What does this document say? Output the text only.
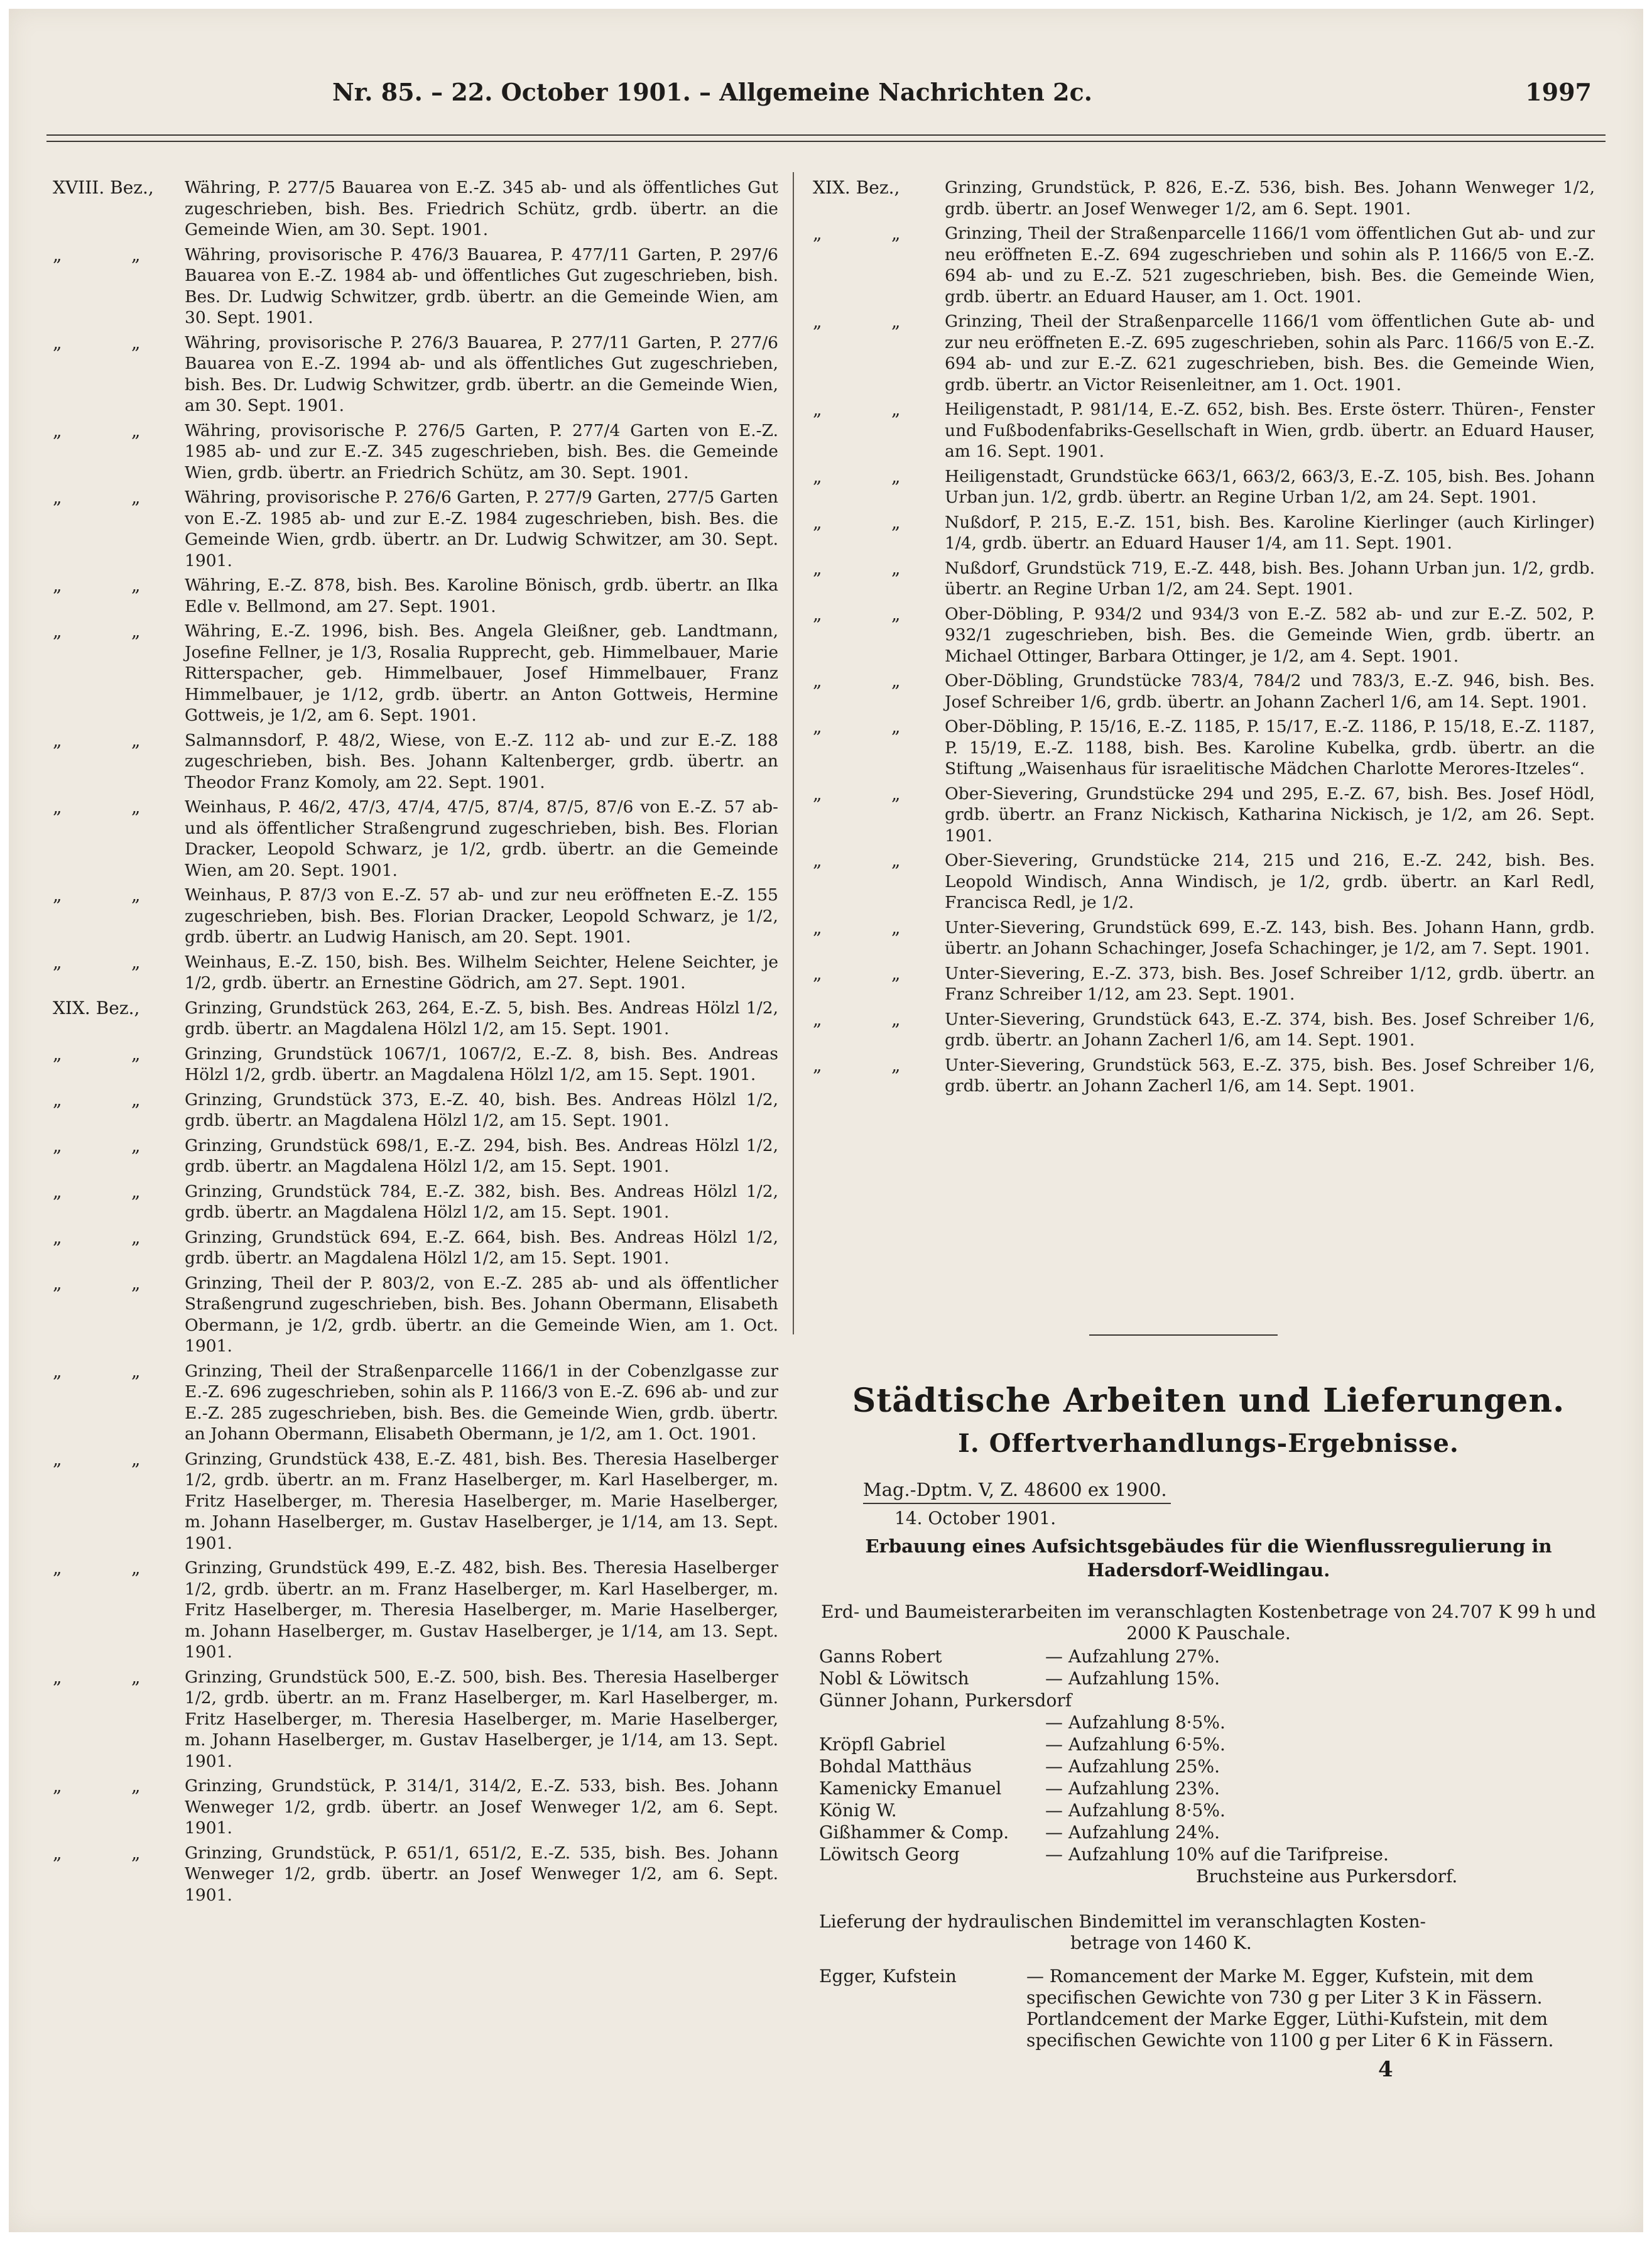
Nr. 85. – 22. October 1901. – Allgemeine Nachrichten 2c.	1997
XVIII. Bez.,	Währing, P. 277/5 Bauarea von E.-Z. 345 ab- und als öffentliches Gut zugeschrieben, bish. Bes. Friedrich Schütz, grdb. übertr. an die Gemeinde Wien, am 30. Sept. 1901.
„	„	Währing, provisorische P. 476/3 Bauarea, P. 477/11 Garten, P. 297/6 Bauarea von E.-Z. 1984 ab- und öffentliches Gut zugeschrieben, bish. Bes. Dr. Ludwig Schwitzer, grdb. übertr. an die Gemeinde Wien, am 30. Sept. 1901.
„	„	Währing, provisorische P. 276/3 Bauarea, P. 277/11 Garten, P. 277/6 Bauarea von E.-Z. 1994 ab- und als öffentliches Gut zugeschrieben, bish. Bes. Dr. Ludwig Schwitzer, grdb. übertr. an die Gemeinde Wien, am 30. Sept. 1901.
„	„	Währing, provisorische P. 276/5 Garten, P. 277/4 Garten von E.-Z. 1985 ab- und zur E.-Z. 345 zugeschrieben, bish. Bes. die Gemeinde Wien, grdb. übertr. an Friedrich Schütz, am 30. Sept. 1901.
„	„	Währing, provisorische P. 276/6 Garten, P. 277/9 Garten, 277/5 Garten von E.-Z. 1985 ab- und zur E.-Z. 1984 zugeschrieben, bish. Bes. die Gemeinde Wien, grdb. übertr. an Dr. Ludwig Schwitzer, am 30. Sept. 1901.
„	„	Währing, E.-Z. 878, bish. Bes. Karoline Bönisch, grdb. übertr. an Ilka Edle v. Bellmond, am 27. Sept. 1901.
„	„	Währing, E.-Z. 1996, bish. Bes. Angela Gleißner, geb. Landtmann, Josefine Fellner, je 1/3, Rosalia Rupprecht, geb. Himmelbauer, Marie Ritterspacher, geb. Himmelbauer, Josef Himmelbauer, Franz Himmelbauer, je 1/12, grdb. übertr. an Anton Gottweis, Hermine Gottweis, je 1/2, am 6. Sept. 1901.
„	„	Salmannsdorf, P. 48/2, Wiese, von E.-Z. 112 ab- und zur E.-Z. 188 zugeschrieben, bish. Bes. Johann Kaltenberger, grdb. übertr. an Theodor Franz Komoly, am 22. Sept. 1901.
„	„	Weinhaus, P. 46/2, 47/3, 47/4, 47/5, 87/4, 87/5, 87/6 von E.-Z. 57 ab- und als öffentlicher Straßengrund zugeschrieben, bish. Bes. Florian Dracker, Leopold Schwarz, je 1/2, grdb. übertr. an die Gemeinde Wien, am 20. Sept. 1901.
„	„	Weinhaus, P. 87/3 von E.-Z. 57 ab- und zur neu eröffneten E.-Z. 155 zugeschrieben, bish. Bes. Florian Dracker, Leopold Schwarz, je 1/2, grdb. übertr. an Ludwig Hanisch, am 20. Sept. 1901.
„	„	Weinhaus, E.-Z. 150, bish. Bes. Wilhelm Seichter, Helene Seichter, je 1/2, grdb. übertr. an Ernestine Gödrich, am 27. Sept. 1901.
XIX. Bez.,	Grinzing, Grundstück 263, 264, E.-Z. 5, bish. Bes. Andreas Hölzl 1/2, grdb. übertr. an Magdalena Hölzl 1/2, am 15. Sept. 1901.
„	„	Grinzing, Grundstück 1067/1, 1067/2, E.-Z. 8, bish. Bes. Andreas Hölzl 1/2, grdb. übertr. an Magdalena Hölzl 1/2, am 15. Sept. 1901.
„	„	Grinzing, Grundstück 373, E.-Z. 40, bish. Bes. Andreas Hölzl 1/2, grdb. übertr. an Magdalena Hölzl 1/2, am 15. Sept. 1901.
„	„	Grinzing, Grundstück 698/1, E.-Z. 294, bish. Bes. Andreas Hölzl 1/2, grdb. übertr. an Magdalena Hölzl 1/2, am 15. Sept. 1901.
„	„	Grinzing, Grundstück 784, E.-Z. 382, bish. Bes. Andreas Hölzl 1/2, grdb. übertr. an Magdalena Hölzl 1/2, am 15. Sept. 1901.
„	„	Grinzing, Grundstück 694, E.-Z. 664, bish. Bes. Andreas Hölzl 1/2, grdb. übertr. an Magdalena Hölzl 1/2, am 15. Sept. 1901.
„	„	Grinzing, Theil der P. 803/2, von E.-Z. 285 ab- und als öffentlicher Straßengrund zugeschrieben, bish. Bes. Johann Obermann, Elisabeth Obermann, je 1/2, grdb. übertr. an die Gemeinde Wien, am 1. Oct. 1901.
„	„	Grinzing, Theil der Straßenparcelle 1166/1 in der Cobenzlgasse zur E.-Z. 696 zugeschrieben, sohin als P. 1166/3 von E.-Z. 696 ab- und zur E.-Z. 285 zugeschrieben, bish. Bes. die Gemeinde Wien, grdb. übertr. an Johann Obermann, Elisabeth Obermann, je 1/2, am 1. Oct. 1901.
„	„	Grinzing, Grundstück 438, E.-Z. 481, bish. Bes. Theresia Haselberger 1/2, grdb. übertr. an m. Franz Haselberger, m. Karl Haselberger, m. Fritz Haselberger, m. Theresia Haselberger, m. Marie Haselberger, m. Johann Haselberger, m. Gustav Haselberger, je 1/14, am 13. Sept. 1901.
„	„	Grinzing, Grundstück 499, E.-Z. 482, bish. Bes. Theresia Haselberger 1/2, grdb. übertr. an m. Franz Haselberger, m. Karl Haselberger, m. Fritz Haselberger, m. Theresia Haselberger, m. Marie Haselberger, m. Johann Haselberger, m. Gustav Haselberger, je 1/14, am 13. Sept. 1901.
„	„	Grinzing, Grundstück 500, E.-Z. 500, bish. Bes. Theresia Haselberger 1/2, grdb. übertr. an m. Franz Haselberger, m. Karl Haselberger, m. Fritz Haselberger, m. Theresia Haselberger, m. Marie Haselberger, m. Johann Haselberger, m. Gustav Haselberger, je 1/14, am 13. Sept. 1901.
„	„	Grinzing, Grundstück, P. 314/1, 314/2, E.-Z. 533, bish. Bes. Johann Wenweger 1/2, grdb. übertr. an Josef Wenweger 1/2, am 6. Sept. 1901.
„	„	Grinzing, Grundstück, P. 651/1, 651/2, E.-Z. 535, bish. Bes. Johann Wenweger 1/2, grdb. übertr. an Josef Wenweger 1/2, am 6. Sept. 1901.
XIX. Bez.,	Grinzing, Grundstück, P. 826, E.-Z. 536, bish. Bes. Johann Wenweger 1/2, grdb. übertr. an Josef Wenweger 1/2, am 6. Sept. 1901.
„	„	Grinzing, Theil der Straßenparcelle 1166/1 vom öffentlichen Gut ab- und zur neu eröffneten E.-Z. 694 zugeschrieben und sohin als P. 1166/5 von E.-Z. 694 ab- und zu E.-Z. 521 zugeschrieben, bish. Bes. die Gemeinde Wien, grdb. übertr. an Eduard Hauser, am 1. Oct. 1901.
„	„	Grinzing, Theil der Straßenparcelle 1166/1 vom öffentlichen Gute ab- und zur neu eröffneten E.-Z. 695 zugeschrieben, sohin als Parc. 1166/5 von E.-Z. 694 ab- und zur E.-Z. 621 zugeschrieben, bish. Bes. die Gemeinde Wien, grdb. übertr. an Victor Reisenleitner, am 1. Oct. 1901.
„	„	Heiligenstadt, P. 981/14, E.-Z. 652, bish. Bes. Erste österr. Thüren-, Fenster und Fußbodenfabriks-Gesellschaft in Wien, grdb. übertr. an Eduard Hauser, am 16. Sept. 1901.
„	„	Heiligenstadt, Grundstücke 663/1, 663/2, 663/3, E.-Z. 105, bish. Bes. Johann Urban jun. 1/2, grdb. übertr. an Regine Urban 1/2, am 24. Sept. 1901.
„	„	Nußdorf, P. 215, E.-Z. 151, bish. Bes. Karoline Kierlinger (auch Kirlinger) 1/4, grdb. übertr. an Eduard Hauser 1/4, am 11. Sept. 1901.
„	„	Nußdorf, Grundstück 719, E.-Z. 448, bish. Bes. Johann Urban jun. 1/2, grdb. übertr. an Regine Urban 1/2, am 24. Sept. 1901.
„	„	Ober-Döbling, P. 934/2 und 934/3 von E.-Z. 582 ab- und zur E.-Z. 502, P. 932/1 zugeschrieben, bish. Bes. die Gemeinde Wien, grdb. übertr. an Michael Ottinger, Barbara Ottinger, je 1/2, am 4. Sept. 1901.
„	„	Ober-Döbling, Grundstücke 783/4, 784/2 und 783/3, E.-Z. 946, bish. Bes. Josef Schreiber 1/6, grdb. übertr. an Johann Zacherl 1/6, am 14. Sept. 1901.
„	„	Ober-Döbling, P. 15/16, E.-Z. 1185, P. 15/17, E.-Z. 1186, P. 15/18, E.-Z. 1187, P. 15/19, E.-Z. 1188, bish. Bes. Karoline Kubelka, grdb. übertr. an die Stiftung „Waisenhaus für israelitische Mädchen Charlotte Merores-Itzeles“.
„	„	Ober-Sievering, Grundstücke 294 und 295, E.-Z. 67, bish. Bes. Josef Hödl, grdb. übertr. an Franz Nickisch, Katharina Nickisch, je 1/2, am 26. Sept. 1901.
„	„	Ober-Sievering, Grundstücke 214, 215 und 216, E.-Z. 242, bish. Bes. Leopold Windisch, Anna Windisch, je 1/2, grdb. übertr. an Karl Redl, Francisca Redl, je 1/2.
„	„	Unter-Sievering, Grundstück 699, E.-Z. 143, bish. Bes. Johann Hann, grdb. übertr. an Johann Schachinger, Josefa Schachinger, je 1/2, am 7. Sept. 1901.
„	„	Unter-Sievering, E.-Z. 373, bish. Bes. Josef Schreiber 1/12, grdb. übertr. an Franz Schreiber 1/12, am 23. Sept. 1901.
„	„	Unter-Sievering, Grundstück 643, E.-Z. 374, bish. Bes. Josef Schreiber 1/6, grdb. übertr. an Johann Zacherl 1/6, am 14. Sept. 1901.
„	„	Unter-Sievering, Grundstück 563, E.-Z. 375, bish. Bes. Josef Schreiber 1/6, grdb. übertr. an Johann Zacherl 1/6, am 14. Sept. 1901.
Städtische Arbeiten und Lieferungen.
I. Offertverhandlungs-Ergebnisse.
Mag.-Dptm. V, Z. 48600 ex 1900.
14. October 1901.
Erbauung eines Aufsichtsgebäudes für die Wienflussregulierung in Hadersdorf-Weidlingau.
Erd- und Baumeisterarbeiten im veranschlagten Kostenbetrage von 24.707 K 99 h und 2000 K Pauschale.
Ganns Robert	— Aufzahlung 27%.
Nobl & Löwitsch	— Aufzahlung 15%.
Günner Johann, Purkersdorf
— Aufzahlung 8·5%.
Kröpfl Gabriel	— Aufzahlung 6·5%.
Bohdal Matthäus	— Aufzahlung 25%.
Kamenicky Emanuel	— Aufzahlung 23%.
König W.	— Aufzahlung 8·5%.
Gißhammer & Comp.	— Aufzahlung 24%.
Löwitsch Georg	— Aufzahlung 10% auf die Tarifpreise.
Bruchsteine aus Purkersdorf.
Lieferung der hydraulischen Bindemittel im veranschlagten Kosten-
betrage von 1460 K.
Egger, Kufstein	— Romancement der Marke M. Egger, Kufstein, mit dem specifischen Gewichte von 730 g per Liter 3 K in Fässern.
Portlandcement der Marke Egger, Lüthi-Kufstein, mit dem specifischen Gewichte von 1100 g per Liter 6 K in Fässern.
4
